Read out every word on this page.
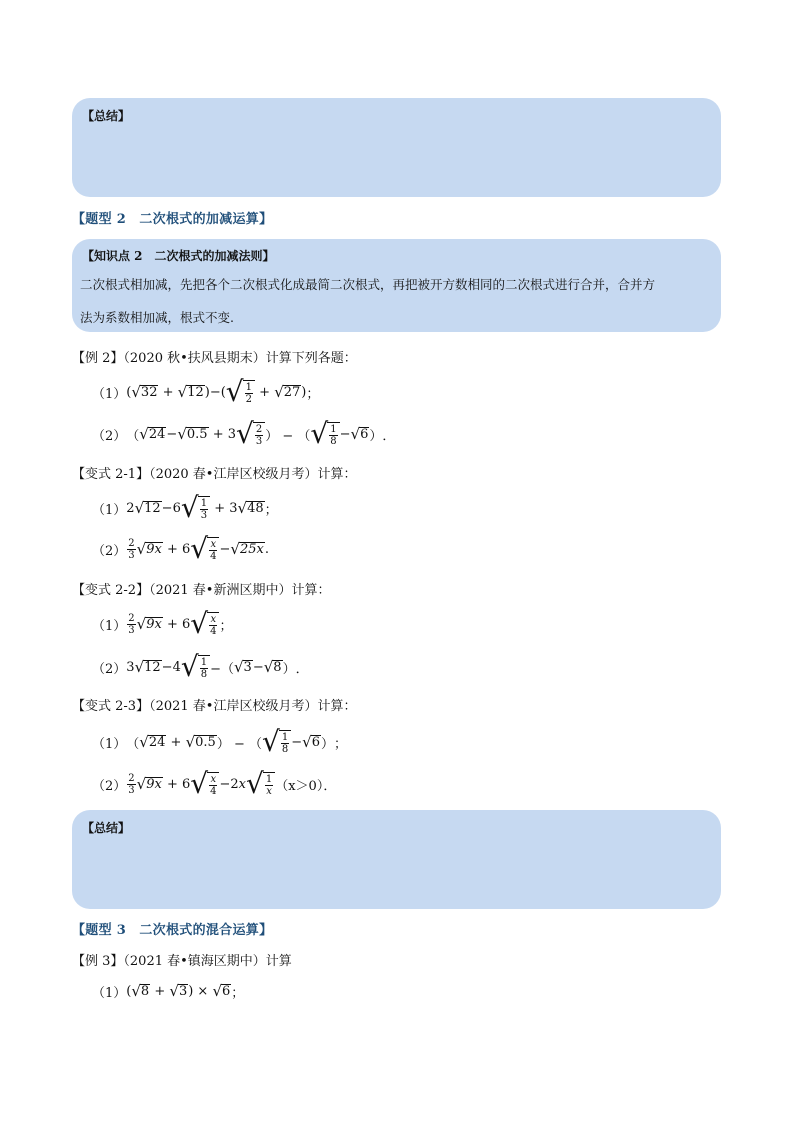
【总结】
【题型 2　二次根式的加减运算】
【知识点 2　二次根式的加减法则】
二次根式相加减，先把各个二次根式化成最简二次根式，再把被开方数相同的二次根式进行合并，合并方
法为系数相加减，根式不变.
【例 2】（2020 秋•扶风县期末）计算下列各题：
（1） ( √ 32 + √ 12 )−( √ $\frac{1}{2}$ + √ 27 ) ；
（2） （ √ 24 − √ 0.5 + 3 √ $\frac{2}{3}$ ） − （ √ $\frac{1}{8}$ − √ 6 ） ．
【变式 2-1】（2020 春•江岸区校级月考）计算：
（1） 2 √ 12 −6 √ $\frac{1}{3} + 3$ √ 48 ；
$(2) \frac{2}{3}$ √ 9x + 6 √ $\frac{x}{4}$ − √ 25x .
【变式 2-2】（2021 春•新洲区期中）计算：
$(1) \frac{2}{3}$ √ 9x + 6 √ $\frac{x}{4}$ ；
（2） 3 √ 12 −4 √ $\frac{1}{8}$ −（ √ 3 − √ 8 ） ．
【变式 2-3】（2021 春•江岸区校级月考）计算：
（1） （ √ 24 + √ 0.5 ） − （ √ $\frac{1}{8}$ − √ 6 ） ；
$(2) \frac{2}{3}$ √ 9x + 6 √ $\frac{x}{4} -2x$ √ $\frac{1}{x} (x>0)$．
【总结】
【题型 3　二次根式的混合运算】
【例 3】（2021 春•镇海区期中）计算
（1） ( √ 8 + √ 3 ) × √ 6 ；
